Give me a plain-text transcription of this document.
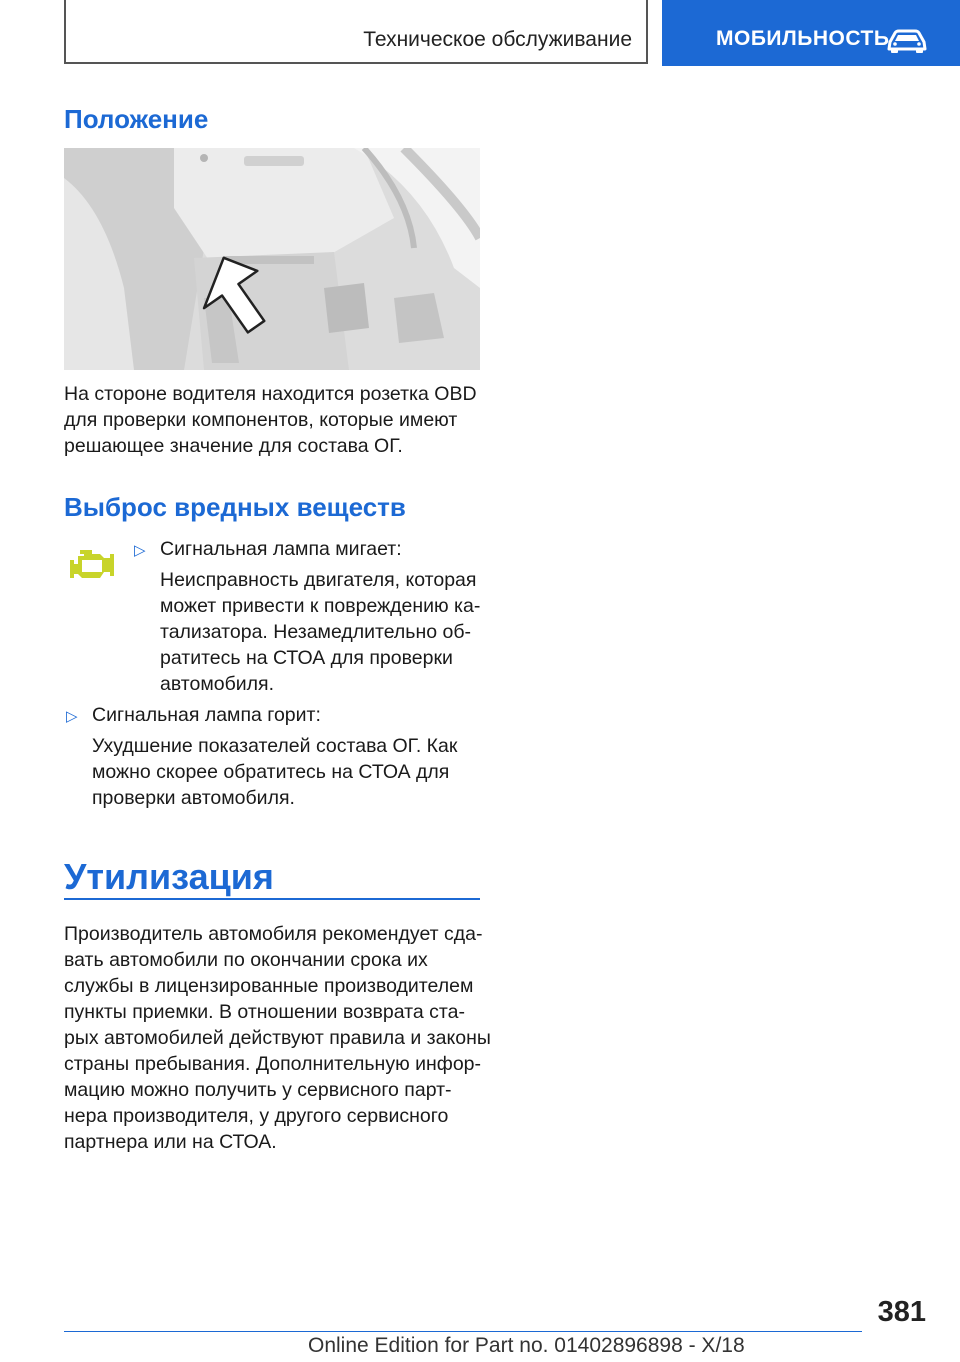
Техническое обслуживание	МОБИЛЬНОСТЬ
Положение

На стороне водителя находится розетка OBD

для проверки компонентов, которые имеют

решающее значение для состава ОГ.

Выброс вредных веществ
▷ Сигнальная лампа мигает:

Неисправность двигателя, которая

может привести к повреждению ка‐

тализатора. Незамедлительно об‐

ратитесь на СТОА для проверки

автомобиля.

▷ Сигнальная лампа горит:

Ухудшение показателей состава ОГ. Как

можно скорее обратитесь на СТОА для

проверки автомобиля.

Утилизация

Производитель автомобиля рекомендует сда‐

вать автомобили по окончании срока их

службы в лицензированные производителем

пункты приемки. В отношении возврата ста‐

рых автомобилей действуют правила и законы

страны пребывания. Дополнительную инфор‐

мацию можно получить у сервисного парт‐

нера производителя, у другого сервисного

партнера или на СТОА.

381
Online Edition for Part no. 01402896898 - X/18
